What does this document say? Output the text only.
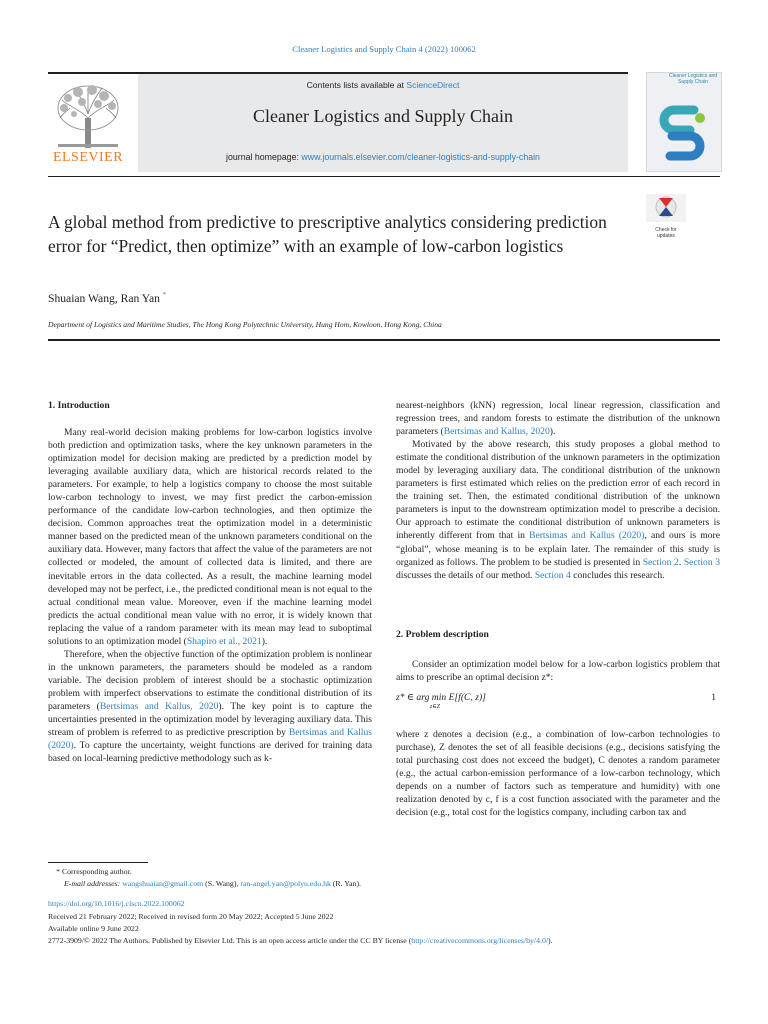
Cleaner Logistics and Supply Chain 4 (2022) 100062
Contents lists available at ScienceDirect
Cleaner Logistics and Supply Chain
journal homepage: www.journals.elsevier.com/cleaner-logistics-and-supply-chain
ELSEVIER
Cleaner Logistics and Supply Chain
A global method from predictive to prescriptive analytics considering prediction error for “Predict, then optimize” with an example of low-carbon logistics
Check for updates
Shuaian Wang, Ran Yan *
Department of Logistics and Maritime Studies, The Hong Kong Polytechnic University, Hung Hom, Kowloon, Hong Kong, China
1. Introduction

Many real-world decision making problems for low-carbon logistics involve both prediction and optimization tasks, where the key unknown parameters in the optimization model for decision making are predicted by a prediction model by leveraging available auxiliary data, which are historical records related to the parameters. For example, to help a logistics company to choose the most suitable low-carbon technology to invest, we may first predict the carbon-emission performance of the candidate low-carbon technologies, and then optimize the decision. Common approaches treat the optimization model in a deterministic manner based on the predicted mean of the unknown parameters conditional on the auxiliary data. However, many factors that affect the value of the parameters are not collected or modeled, the amount of collected data is limited, and there are inevitable errors in the data collected. As a result, the machine learning model developed may not be perfect, i.e., the predicted conditional mean is not equal to the actual conditional mean value. Moreover, even if the machine learning model predicts the actual conditional mean value with no error, it is widely known that replacing the value of a random parameter with its mean may lead to suboptimal solutions to an optimization model (Shapiro et al., 2021).

Therefore, when the objective function of the optimization problem is nonlinear in the unknown parameters, the parameters should be modeled as a random variable. The decision problem of interest should be a stochastic optimization problem with imperfect observations to estimate the conditional distribution of its parameters (Bertsimas and Kallus, 2020). The key point is to capture the uncertainties presented in the optimization model by leveraging auxiliary data. This stream of problem is referred to as predictive prescription by Bertsimas and Kallus (2020). To capture the uncertainty, weight functions are derived for training data based on local-learning predictive methodology such as k-

nearest-neighbors (kNN) regression, local linear regression, classification and regression trees, and random forests to estimate the distribution of the unknown parameters (Bertsimas and Kallus, 2020).

Motivated by the above research, this study proposes a global method to estimate the conditional distribution of the unknown parameters in the optimization model by leveraging auxiliary data. The conditional distribution of the unknown parameters is first estimated which relies on the prediction error of each record in the training set. Then, the estimated conditional distribution of the unknown parameters is input to the downstream optimization model to prescribe a decision. Our approach to estimate the conditional distribution of unknown parameters is inherently different from that in Bertsimas and Kallus (2020), and ours is more “global”, whose meaning is to be explain later. The remainder of this study is organized as follows. The problem to be studied is presented in Section 2. Section 3 discusses the details of our method. Section 4 concludes this research.

2. Problem description

Consider an optimization model below for a low-carbon logistics problem that aims to prescribe an optimal decision z*:

z* ∈ arg min E[f(C, z)]
z∈Z
1

where z denotes a decision (e.g., a combination of low-carbon technologies to purchase), Z denotes the set of all feasible decisions (e.g., decisions satisfying the total purchasing cost does not exceed the budget), C denotes a random parameter (e.g., the actual carbon-emission performance of a low-carbon technology, which depends on a number of factors such as temperature and humidity) with one realization denoted by c, f is a cost function associated with the parameter and the decision (e.g., total cost for the logistics company, including carbon tax and

* Corresponding author.
E-mail addresses: wangshuaian@gmail.com (S. Wang), ran-angel.yan@polyu.edu.hk (R. Yan).
https://doi.org/10.1016/j.clscn.2022.100062
Received 21 February 2022; Received in revised form 20 May 2022; Accepted 5 June 2022
Available online 9 June 2022
2772-3909/© 2022 The Authors. Published by Elsevier Ltd. This is an open access article under the CC BY license (http://creativecommons.org/licenses/by/4.0/).
